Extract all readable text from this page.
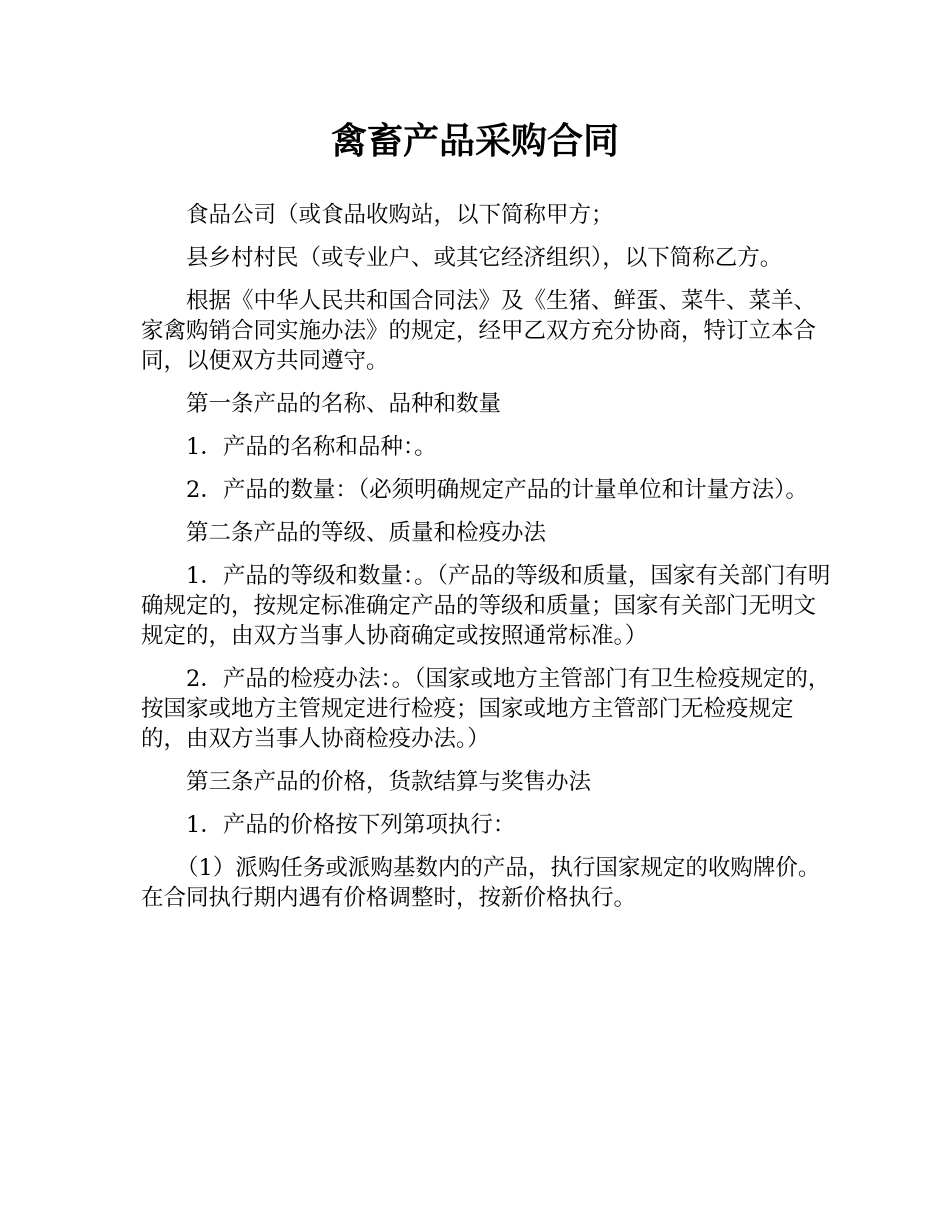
禽畜产品采购合同

食品公司（或食品收购站，以下简称甲方；

县乡村村民（或专业户、或其它经济组织），以下简称乙方。

根据《中华人民共和国合同法》及《生猪、鲜蛋、菜牛、菜羊、家禽购销合同实施办法》的规定，经甲乙双方充分协商，特订立本合同，以便双方共同遵守。

第一条产品的名称、品种和数量

1．产品的名称和品种：。

2．产品的数量：（必须明确规定产品的计量单位和计量方法）。

第二条产品的等级、质量和检疫办法

1．产品的等级和数量：。（产品的等级和质量，国家有关部门有明确规定的，按规定标准确定产品的等级和质量；国家有关部门无明文规定的，由双方当事人协商确定或按照通常标准。）

2．产品的检疫办法：。（国家或地方主管部门有卫生检疫规定的，按国家或地方主管规定进行检疫；国家或地方主管部门无检疫规定的，由双方当事人协商检疫办法。）

第三条产品的价格，货款结算与奖售办法

1．产品的价格按下列第项执行：

（1）派购任务或派购基数内的产品，执行国家规定的收购牌价。在合同执行期内遇有价格调整时，按新价格执行。
